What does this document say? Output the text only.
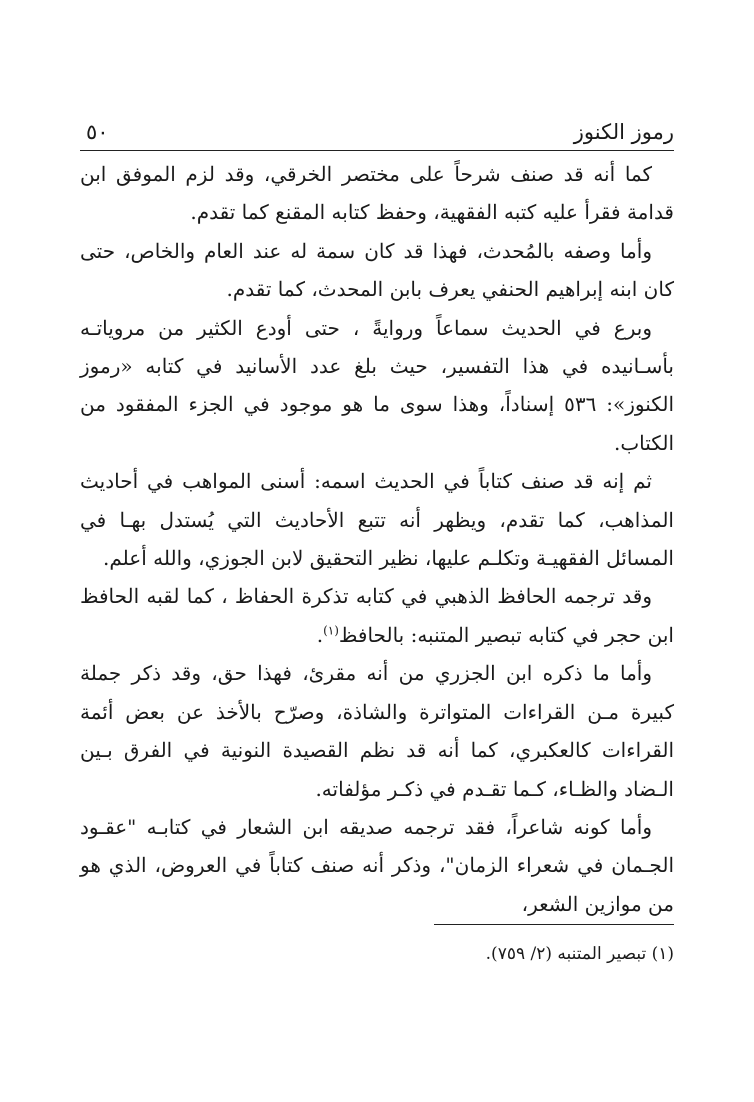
رموز الكنوز
٥٠

كما أنه قد صنف شرحاً على مختصر الخرقي، وقد لزم الموفق ابن قدامة فقرأ عليه كتبه الفقهية، وحفظ كتابه المقنع كما تقدم.

وأما وصفه بالمُحدث، فهذا قد كان سمة له عند العام والخاص، حتى كان ابنه إبراهيم الحنفي يعرف بابن المحدث، كما تقدم.

وبرع في الحديث سماعاً وروايةً ، حتى أودع الكثير من مروياتـه بأسـانيده في هذا التفسير، حيث بلغ عدد الأسانيد في كتابه «رموز الكنوز»: ٥٣٦ إسناداً، وهذا سوى ما هو موجود في الجزء المفقود من الكتاب.

ثم إنه قد صنف كتاباً في الحديث اسمه: أسنى المواهب في أحاديث المذاهب، كما تقدم، ويظهر أنه تتبع الأحاديث التي يُستدل بهـا في المسائل الفقهيـة وتكلـم عليها، نظير التحقيق لابن الجوزي، والله أعلم.

وقد ترجمه الحافظ الذهبي في كتابه تذكرة الحفاظ ، كما لقبه الحافظ ابن حجر في كتابه تبصير المتنبه: بالحافظ$^{(١)}$.

وأما ما ذكره ابن الجزري من أنه مقرئ، فهذا حق، وقد ذكر جملة كبيرة مـن القراءات المتواترة والشاذة، وصرّح بالأخذ عن بعض أئمة القراءات كالعكبري، كما أنه قد نظم القصيدة النونية في الفرق بـين الـضاد والظـاء، كـما تقـدم في ذكـر مؤلفاته.

وأما كونه شاعراً، فقد ترجمه صديقه ابن الشعار في كتابـه "عقـود الجـمان في شعراء الزمان"، وذكر أنه صنف كتاباً في العروض، الذي هو من موازين الشعر،

(١) تبصير المتنبه (٢/ ٧٥٩).
